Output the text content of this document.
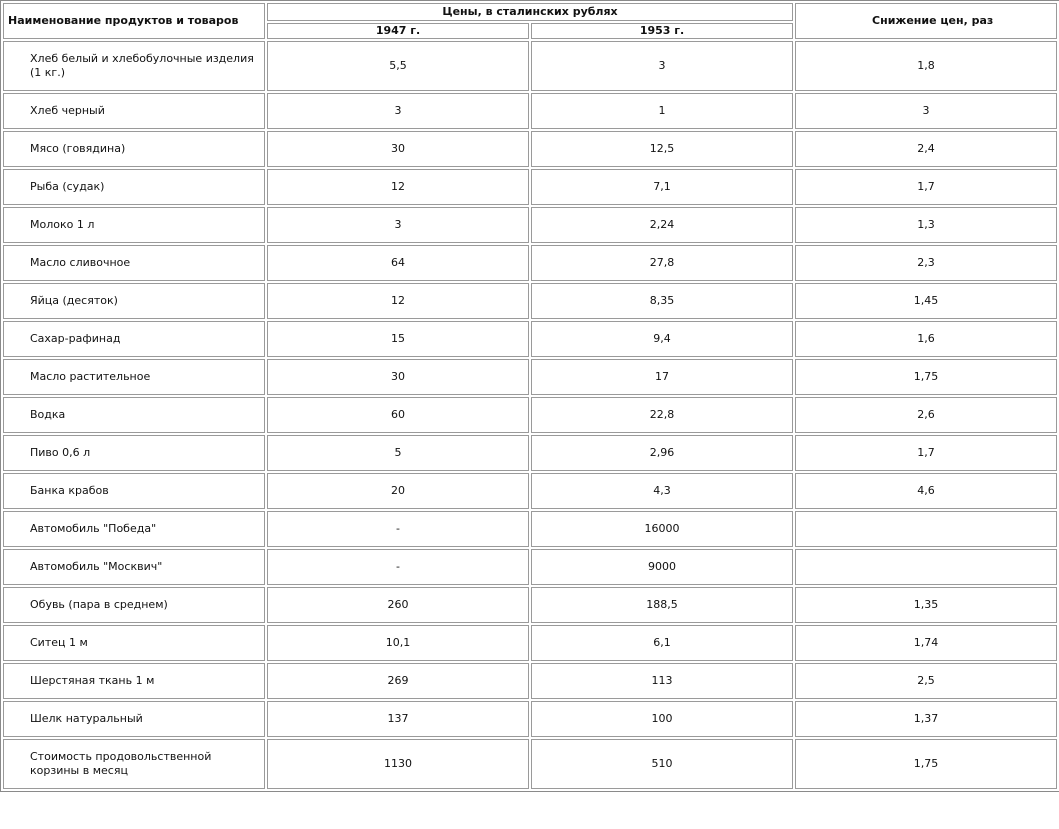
Наименование продуктов и товаров	Цены, в сталинских рублях		Снижение цен, раз
	1947 г.	1953 г.	
Хлеб белый и хлебобулочные изделия (1 кг.)	5,5	3	1,8
Хлеб черный	3	1	3
Мясо (говядина)	30	12,5	2,4
Рыба (судак)	12	7,1	1,7
Молоко 1 л	3	2,24	1,3
Масло сливочное	64	27,8	2,3
Яйца (десяток)	12	8,35	1,45
Сахар-рафинад	15	9,4	1,6
Масло растительное	30	17	1,75
Водка	60	22,8	2,6
Пиво 0,6 л	5	2,96	1,7
Банка крабов	20	4,3	4,6
Автомобиль "Победа"	-	16000	
Автомобиль "Москвич"	-	9000	
Обувь (пара в среднем)	260	188,5	1,35
Ситец 1 м	10,1	6,1	1,74
Шерстяная ткань 1 м	269	113	2,5
Шелк натуральный	137	100	1,37
Стоимость продовольственной корзины в месяц	1130	510	1,75
